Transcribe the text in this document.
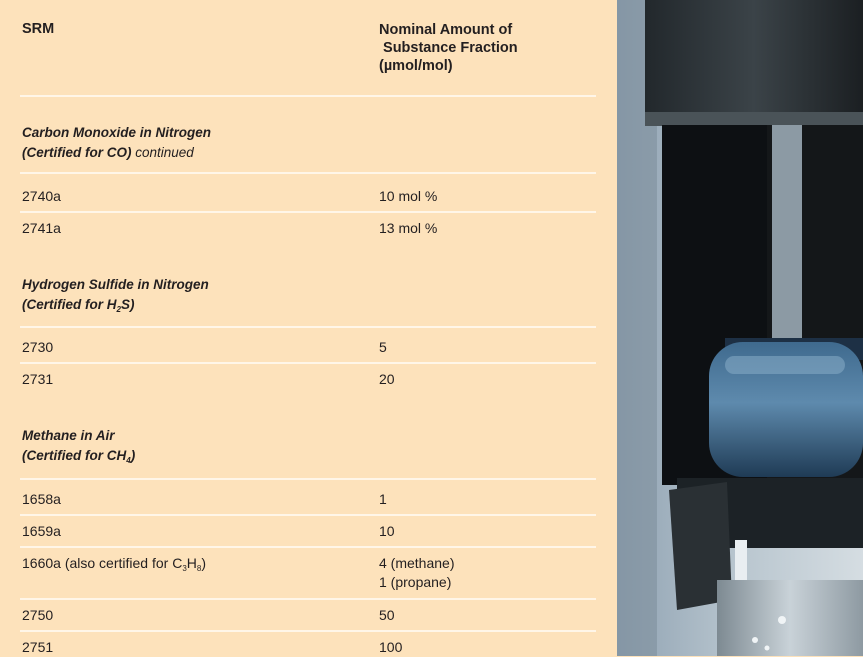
SRM	Nominal Amount of
Substance Fraction
(µmol/mol)
Carbon Monoxide in Nitrogen
(Certified for CO) continued
2740a	10 mol %
2741a	13 mol %
Hydrogen Sulfide in Nitrogen
(Certified for $H_2S$)
2730	5
2731	20
Methane in Air
(Certified for $CH_4$)
1658a	1
1659a	10
1660a (also certified for $C_3H_8$)	4 (methane)
1 (propane)
2750	50
2751	100
